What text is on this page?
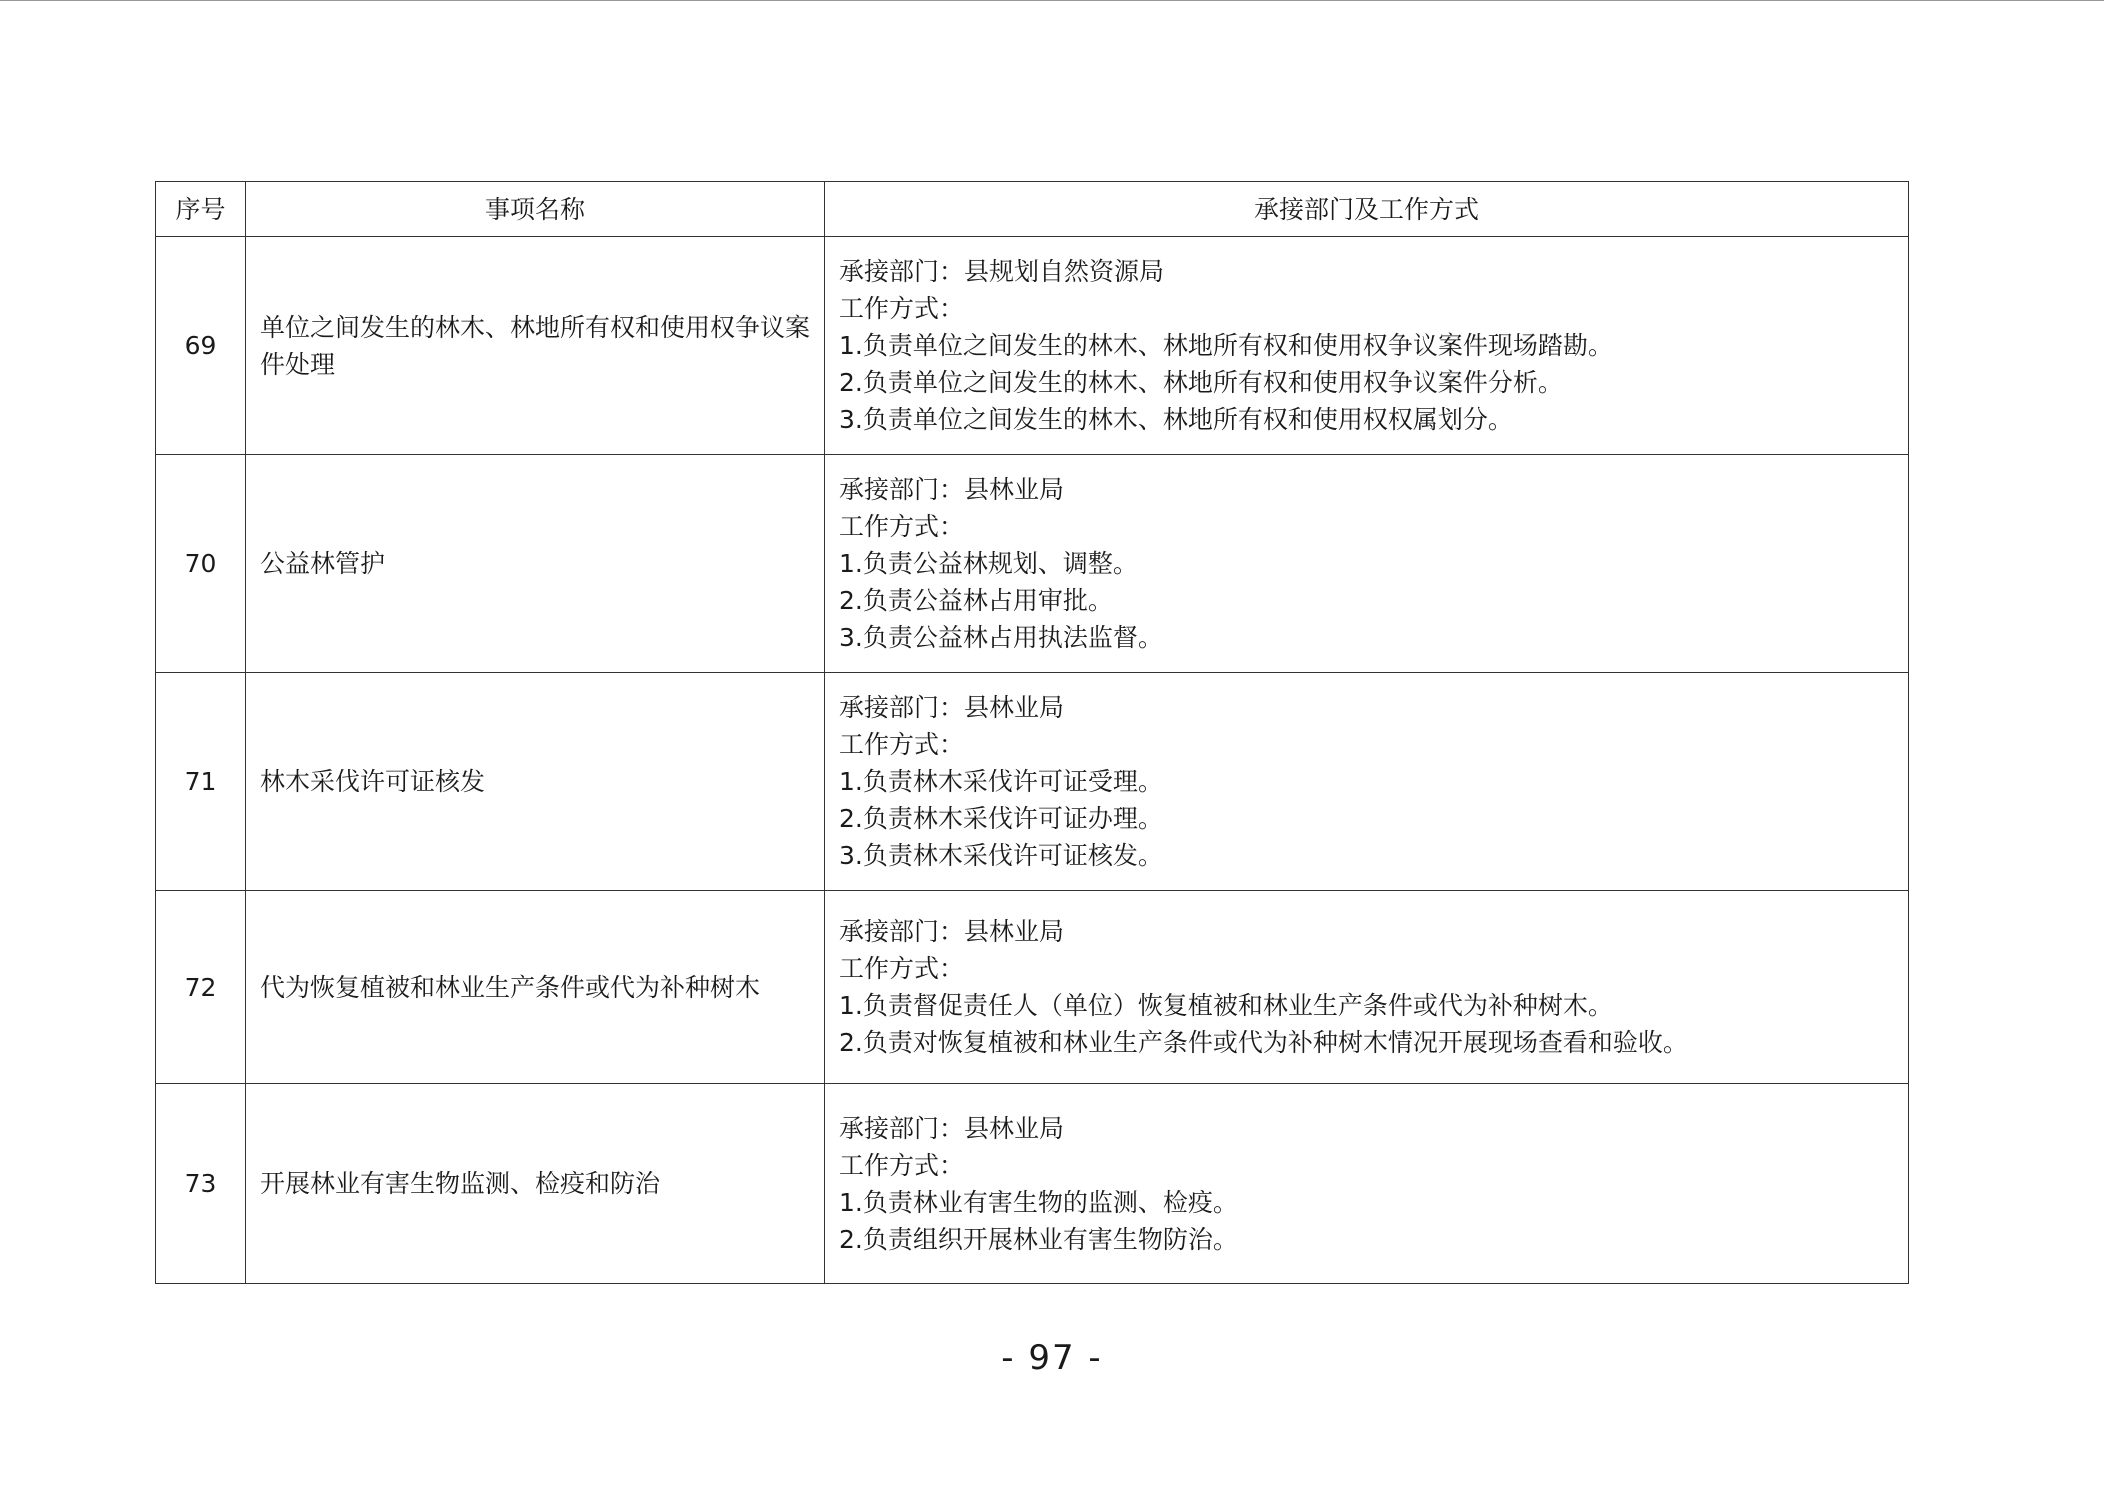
序号	事项名称	承接部门及工作方式
69	单位之间发生的林木、林地所有权和使用权争议案件处理	承接部门：县规划自然资源局
工作方式：
1.负责单位之间发生的林木、林地所有权和使用权争议案件现场踏勘。
2.负责单位之间发生的林木、林地所有权和使用权争议案件分析。
3.负责单位之间发生的林木、林地所有权和使用权权属划分。

70	公益林管护	承接部门：县林业局
工作方式：
1.负责公益林规划、调整。
2.负责公益林占用审批。
3.负责公益林占用执法监督。

71	林木采伐许可证核发	承接部门：县林业局
工作方式：
1.负责林木采伐许可证受理。
2.负责林木采伐许可证办理。
3.负责林木采伐许可证核发。

72	代为恢复植被和林业生产条件或代为补种树木	承接部门：县林业局
工作方式：
1.负责督促责任人（单位）恢复植被和林业生产条件或代为补种树木。
2.负责对恢复植被和林业生产条件或代为补种树木情况开展现场查看和验收。

73	开展林业有害生物监测、检疫和防治	承接部门：县林业局
工作方式：
1.负责林业有害生物的监测、检疫。
2.负责组织开展林业有害生物防治。
- 97 -
